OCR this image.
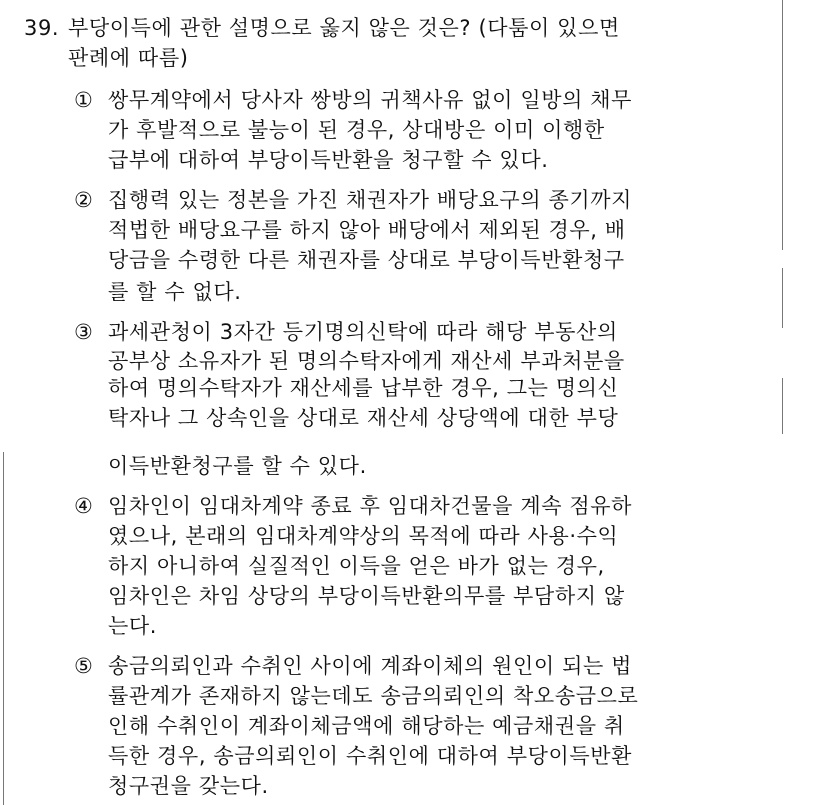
39. 부당이득에 관한 설명으로 옳지 않은 것은? (다툼이 있으면
판례에 따름)
① 쌍무계약에서 당사자 쌍방의 귀책사유 없이 일방의 채무
가 후발적으로 불능이 된 경우, 상대방은 이미 이행한
급부에 대하여 부당이득반환을 청구할 수 있다.
② 집행력 있는 정본을 가진 채권자가 배당요구의 종기까지
적법한 배당요구를 하지 않아 배당에서 제외된 경우, 배
당금을 수령한 다른 채권자를 상대로 부당이득반환청구
를 할 수 없다.
③ 과세관청이 3자간 등기명의신탁에 따라 해당 부동산의
공부상 소유자가 된 명의수탁자에게 재산세 부과처분을
하여 명의수탁자가 재산세를 납부한 경우, 그는 명의신
탁자나 그 상속인을 상대로 재산세 상당액에 대한 부당
이득반환청구를 할 수 있다.
④ 임차인이 임대차계약 종료 후 임대차건물을 계속 점유하
였으나, 본래의 임대차계약상의 목적에 따라 사용·수익
하지 아니하여 실질적인 이득을 얻은 바가 없는 경우,
임차인은 차임 상당의 부당이득반환의무를 부담하지 않
는다.
⑤ 송금의뢰인과 수취인 사이에 계좌이체의 원인이 되는 법
률관계가 존재하지 않는데도 송금의뢰인의 착오송금으로
인해 수취인이 계좌이체금액에 해당하는 예금채권을 취
득한 경우, 송금의뢰인이 수취인에 대하여 부당이득반환
청구권을 갖는다.
